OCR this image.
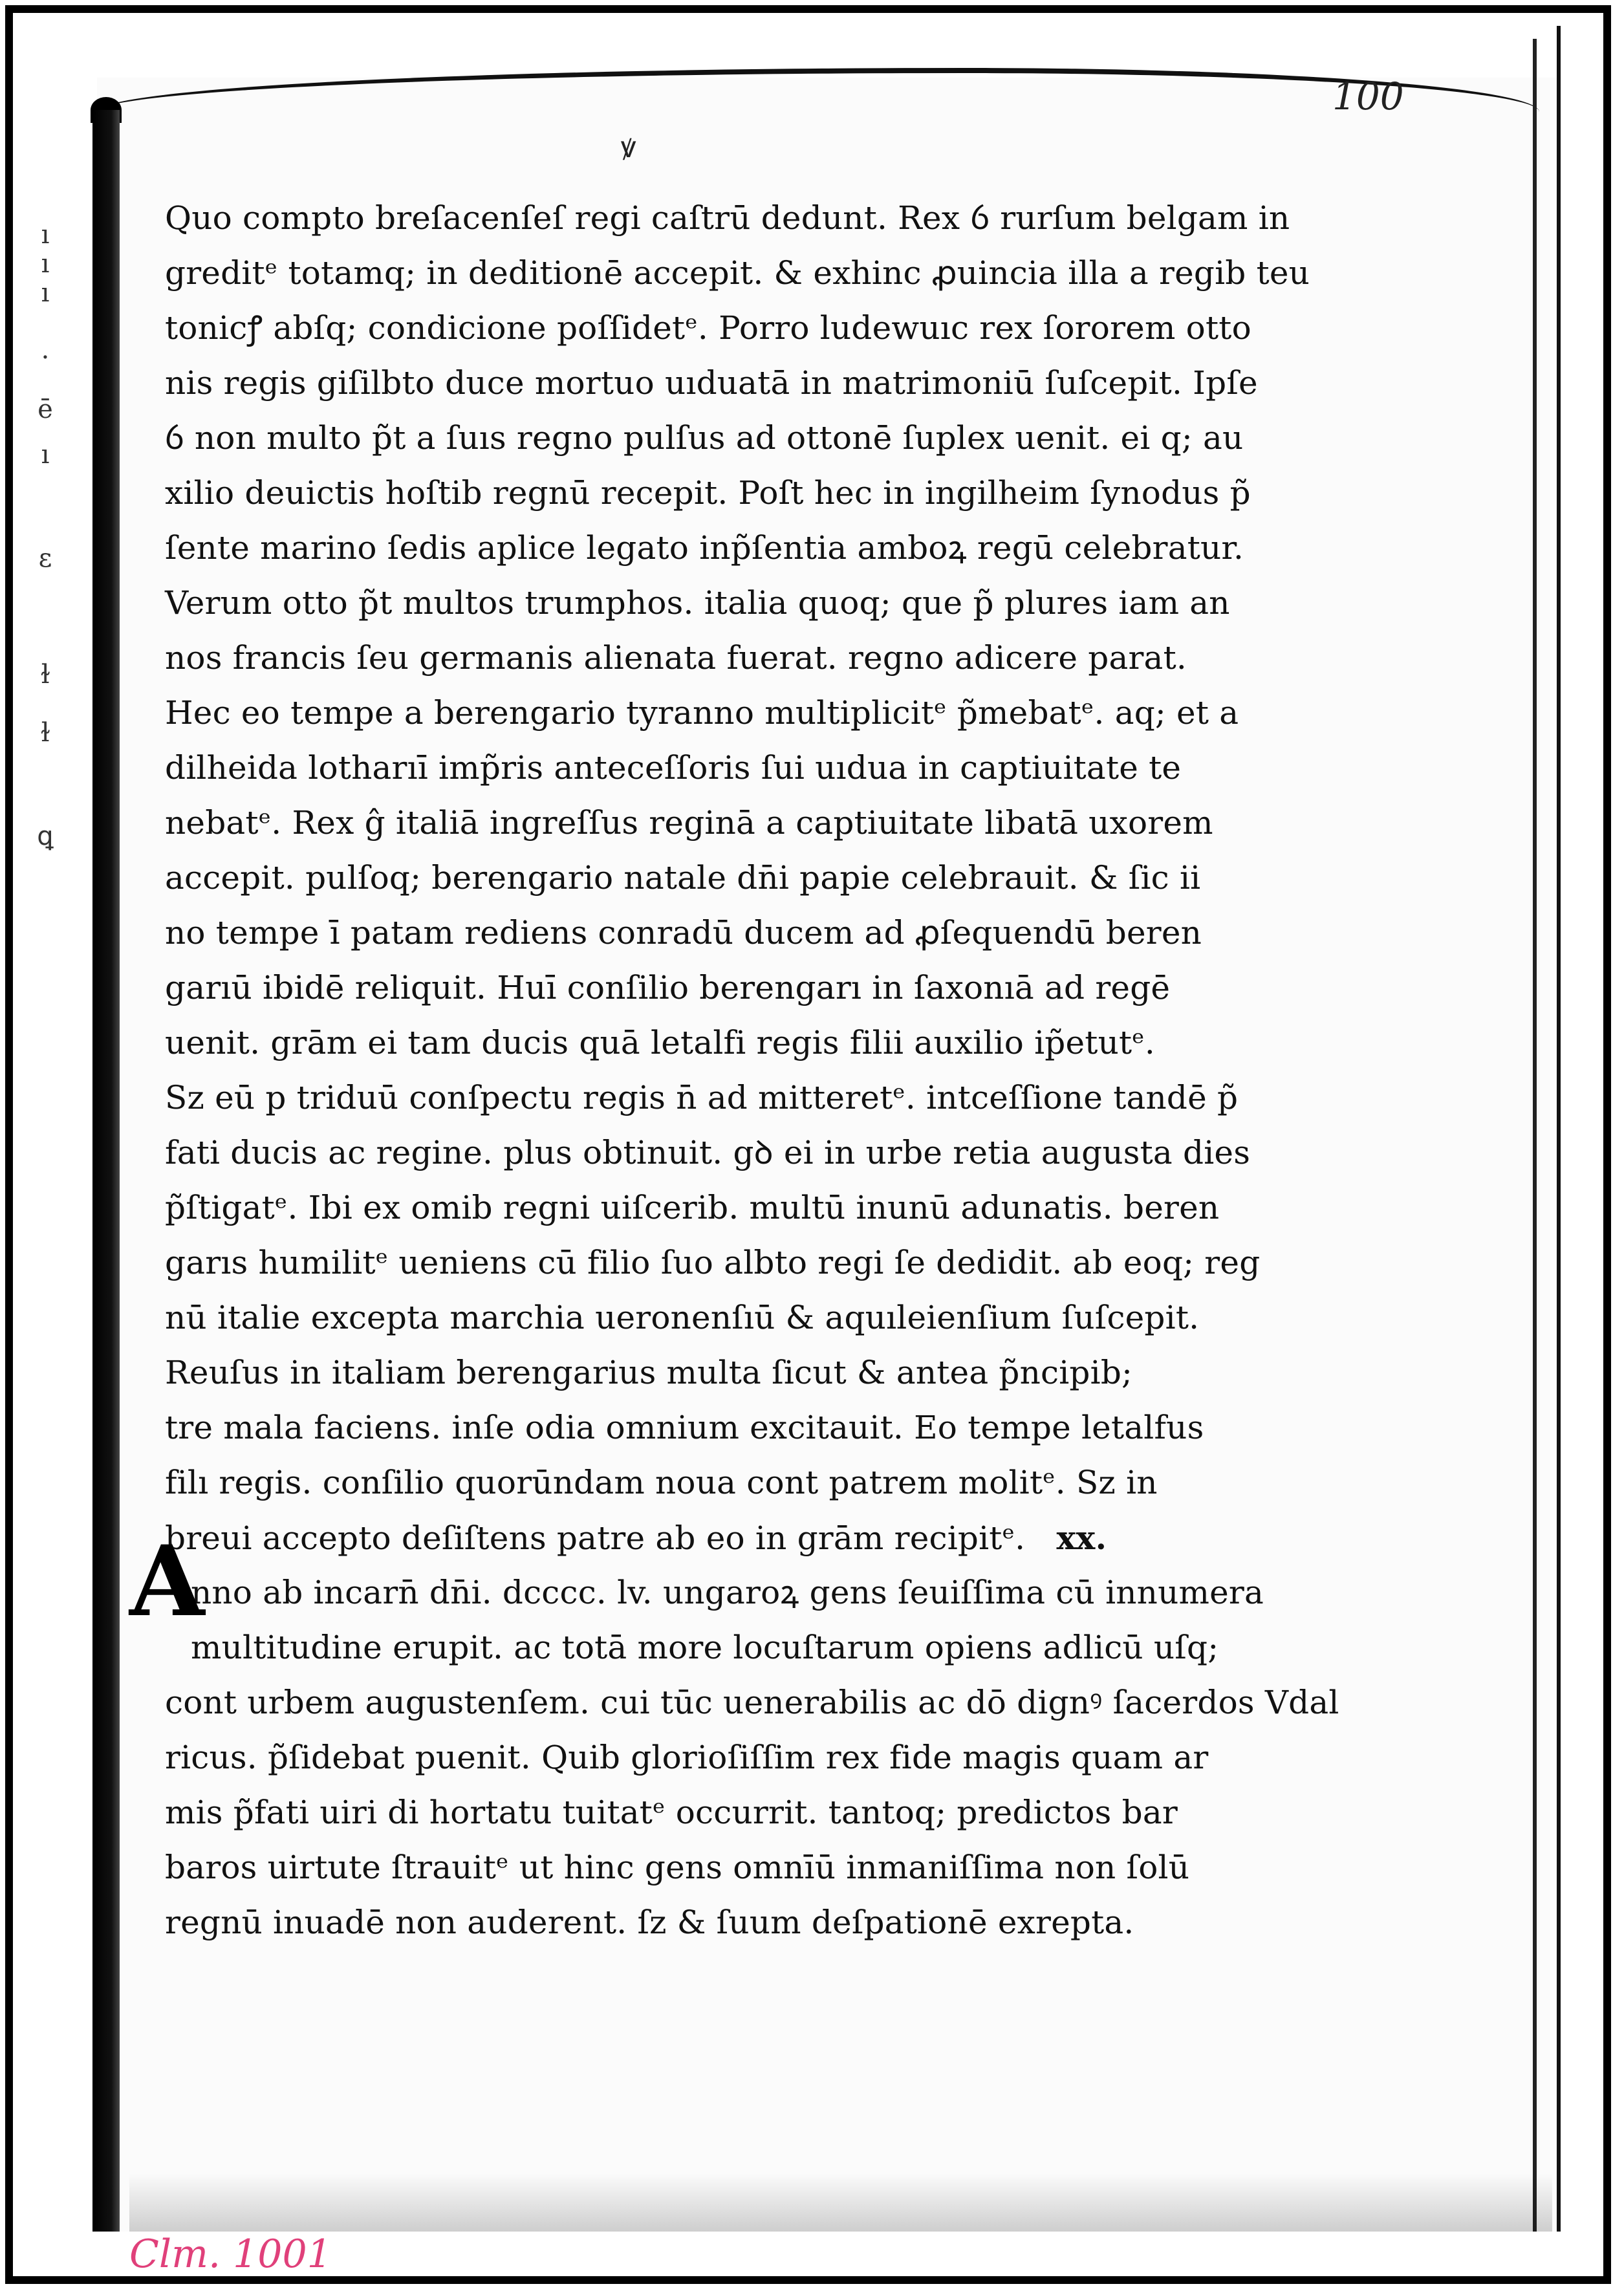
ı
ı
ı
·
ē
ı
ɛ
ɫ
ɫ
ꝗ
100
ꝟ
Quo compto breſacenſeſ regi caſtrū dedunt. Rex ỽ rurſum belgam in
greditᵉ totamq; in deditionē accepit. & exhinc ꝓuincia illa a regib teu
tonicꝭ abſq; condicione poſſidetᵉ. Porro ludewuıc rex ſororem otto
nis regis giſilbto duce mortuo uıduatā in matrimoniū ſuſcepit. Ipſe
ỽ non multo p̃t a ſuıs regno pulſus ad ottonē ſuplex uenit. ei q; au
xilio deuictis hoſtib regnū recepit. Poſt hec in ingilheim ſynodus p̃
ſente marino ſedis aplice legato inp̃ſentia amboꝝ regū celebratur.
Verum otto p̃t multos trumphos. italia quoq; que p̃ plures iam an
nos francis ſeu germanis alienata fuerat. regno adicere parat.
Hec eo tempe a berengario tyranno multiplicitᵉ p̃mebatᵉ. aq; et a
dilheida lotharıī imp̃ris anteceſſoris ſui uıdua in captiuitate te
nebatᵉ. Rex ĝ italiā ingreſſus reginā a captiuitate libatā uxorem
accepit. pulſoq; berengario natale dn̄i papie celebrauit. & ſic ii
no tempe ī patam rediens conradū ducem ad ꝓſequendū beren
garıū ibidē reliquit. Huī conſilio berengarı in ſaxonıā ad regē
uenit. grām ei tam ducis quā letalfi regis filii auxilio ip̃etutᵉ.
Sz eū p triduū conſpectu regis n̄ ad mitteretᵉ. intceſſione tandē p̃
fati ducis ac regine. plus obtinuit. gꝺ ei in urbe retia augusta dies
p̃ſtigatᵉ. Ibi ex omib regni uiſcerib. multū inunū adunatis. beren
garıs humilitᵉ ueniens cū filio ſuo albto regi ſe dedidit. ab eoq; reg
nū italie excepta marchia ueronenſıū & aquıleienſium ſuſcepit.
Reuſus in italiam berengarius multa ſicut & antea p̃ncipib;
tre mala faciens. inſe odia omnium excitauit. Eo tempe letalfus
filı regis. conſilio quorūndam noua cont patrem molitᵉ. Sz in
breui accepto deſiſtens patre ab eo in grām recipitᵉ. xx.
nno ab incarn̄ dn̄i. dcccc. lv. ungaroꝝ gens ſeuiſſima cū innumera
multitudine erupit. ac totā more locuſtarum opiens adlicū uſq;
cont urbem augustenſem. cui tūc uenerabilis ac dō dignꝰ ſacerdos Vdal
ricus. p̃ſidebat puenit. Quib glorioſiſſim rex fide magis quam ar
mis p̃fati uiri di hortatu tuitatᵉ occurrit. tantoq; predictos bar
baros uirtute ſtrauitᵉ ut hinc gens omnīū inmaniſſima non ſolū
regnū inuadē non auderent. ſz & ſuum deſpationē exrepta.
A
Clm. 1001
